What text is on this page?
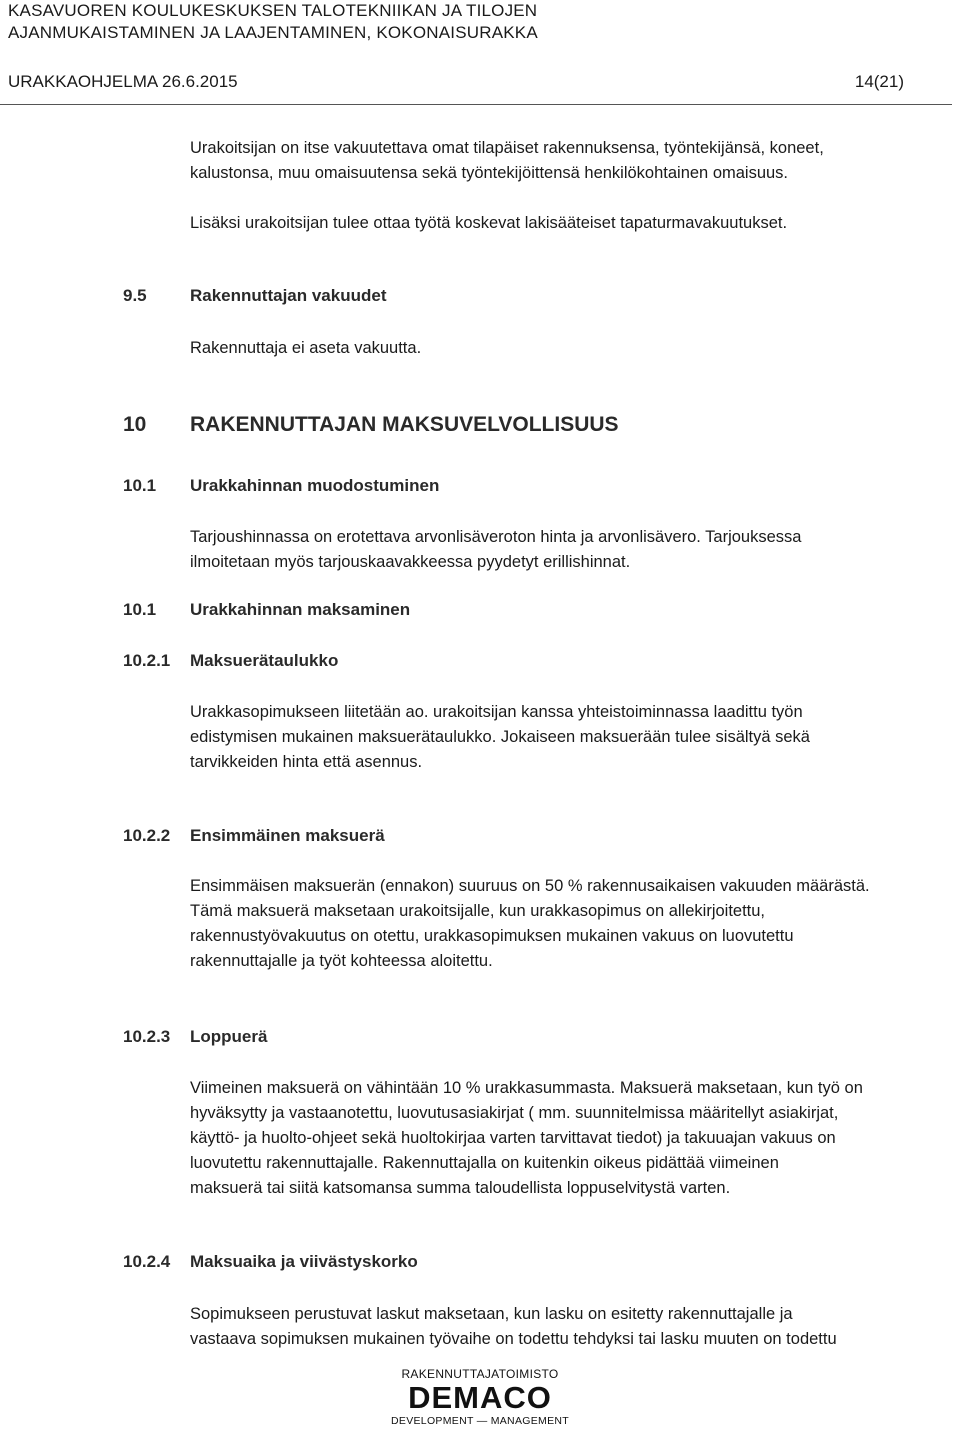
KASAVUOREN KOULUKESKUKSEN TALOTEKNIIKAN JA TILOJEN
AJANMUKAISTAMINEN JA LAAJENTAMINEN, KOKONAISURAKKA
URAKKAOHJELMA 26.6.2015	14(21)
Urakoitsijan on itse vakuutettava omat tilapäiset rakennuksensa, työntekijänsä, koneet,
kalustonsa, muu omaisuutensa sekä työntekijöittensä henkilökohtainen omaisuus.
Lisäksi urakoitsijan tulee ottaa työtä koskevat lakisääteiset tapaturmavakuutukset.
9.5	Rakennuttajan vakuudet
Rakennuttaja ei aseta vakuutta.
10 RAKENNUTTAJAN MAKSUVELVOLLISUUS
10.1 Urakkahinnan muodostuminen
Tarjoushinnassa on erotettava arvonlisäveroton hinta ja arvonlisävero. Tarjouksessa
ilmoitetaan myös tarjouskaavakkeessa pyydetyt erillishinnat.
10.1 Urakkahinnan maksaminen
10.2.1 Maksuerätaulukko
Urakkasopimukseen liitetään ao. urakoitsijan kanssa yhteistoiminnassa laadittu työn
edistymisen mukainen maksuerätaulukko. Jokaiseen maksuerään tulee sisältyä sekä
tarvikkeiden hinta että asennus.
10.2.2 Ensimmäinen maksuerä
Ensimmäisen maksuerän (ennakon) suuruus on 50 % rakennusaikaisen vakuuden määrästä.
Tämä maksuerä maksetaan urakoitsijalle, kun urakkasopimus on allekirjoitettu,
rakennustyövakuutus on otettu, urakkasopimuksen mukainen vakuus on luovutettu
rakennuttajalle ja työt kohteessa aloitettu.
10.2.3 Loppuerä
Viimeinen maksuerä on vähintään 10 % urakkasummasta. Maksuerä maksetaan, kun työ on
hyväksytty ja vastaanotettu, luovutusasiakirjat ( mm. suunnitelmissa määritellyt asiakirjat,
käyttö- ja huolto-ohjeet sekä huoltokirjaa varten tarvittavat tiedot) ja takuuajan vakuus on
luovutettu rakennuttajalle. Rakennuttajalla on kuitenkin oikeus pidättää viimeinen
maksuerä tai siitä katsomansa summa taloudellista loppuselvitystä varten.
10.2.4 Maksuaika ja viivästyskorko
Sopimukseen perustuvat laskut maksetaan, kun lasku on esitetty rakennuttajalle ja
vastaava sopimuksen mukainen työvaihe on todettu tehdyksi tai lasku muuten on todettu
RAKENNUTTAJATOIMISTO
DEMACO
DEVELOPMENT — MANAGEMENT
